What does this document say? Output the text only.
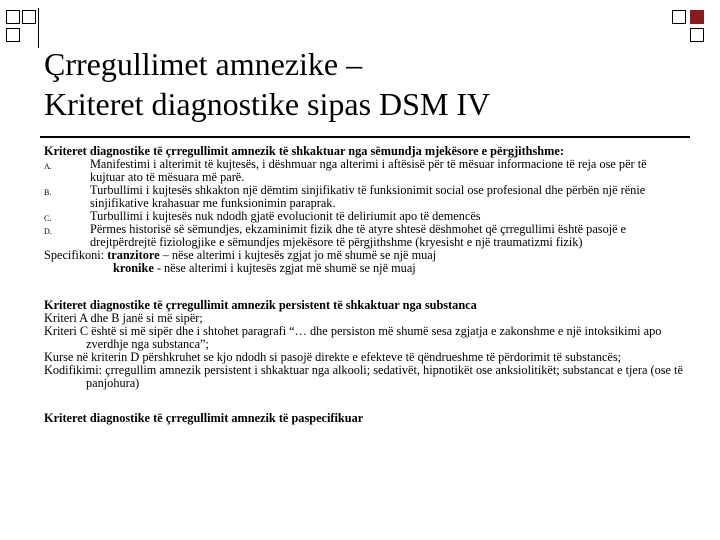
Çrregullimet amnezike –
Kriteret diagnostike sipas DSM IV

Kriteret diagnostike të çrregullimit amnezik të shkaktuar nga sëmundja mjekësore e përgjithshme:

A.	Manifestimi i alterimit të kujtesës, i dëshmuar nga alterimi i aftësisë për të mësuar informacione të reja ose për të kujtuar ato të mësuara më parë.
B.	Turbullimi i kujtesës shkakton një dëmtim sinjifikativ të funksionimit social ose profesional dhe përbën një rënie sinjifikative krahasuar me funksionimin paraprak.
C.	Turbullimi i kujtesës nuk ndodh gjatë evolucionit të deliriumit apo të demencës
D.	Përmes historisë së sëmundjes, ekzaminimit fizik dhe të atyre shtesë dëshmohet që çrregullimi është pasojë e drejtpërdrejtë fiziologjike e sëmundjes mjekësore të përgjithshme (kryesisht e një traumatizmi fizik)

Specifikoni: tranzitore – nëse alterimi i kujtesës zgjat jo më shumë se një muaj

kronike - nëse alterimi i kujtesës zgjat më shumë se një muaj

Kriteret diagnostike të çrregullimit amnezik persistent të shkaktuar nga substanca

Kriteri A dhe B janë si më sipër;

Kriteri C është si më sipër dhe i shtohet paragrafi “… dhe persiston më shumë sesa zgjatja e zakonshme e një intoksikimi apo zverdhje nga substanca”;

Kurse në kriterin D përshkruhet se kjo ndodh si pasojë direkte e efekteve të qëndrueshme të përdorimit të substancës;

Kodifikimi: çrregullim amnezik persistent i shkaktuar nga alkooli; sedativët, hipnotikët ose anksiolitikët; substancat e tjera (ose të panjohura)

Kriteret diagnostike të çrregullimit amnezik të paspecifikuar
